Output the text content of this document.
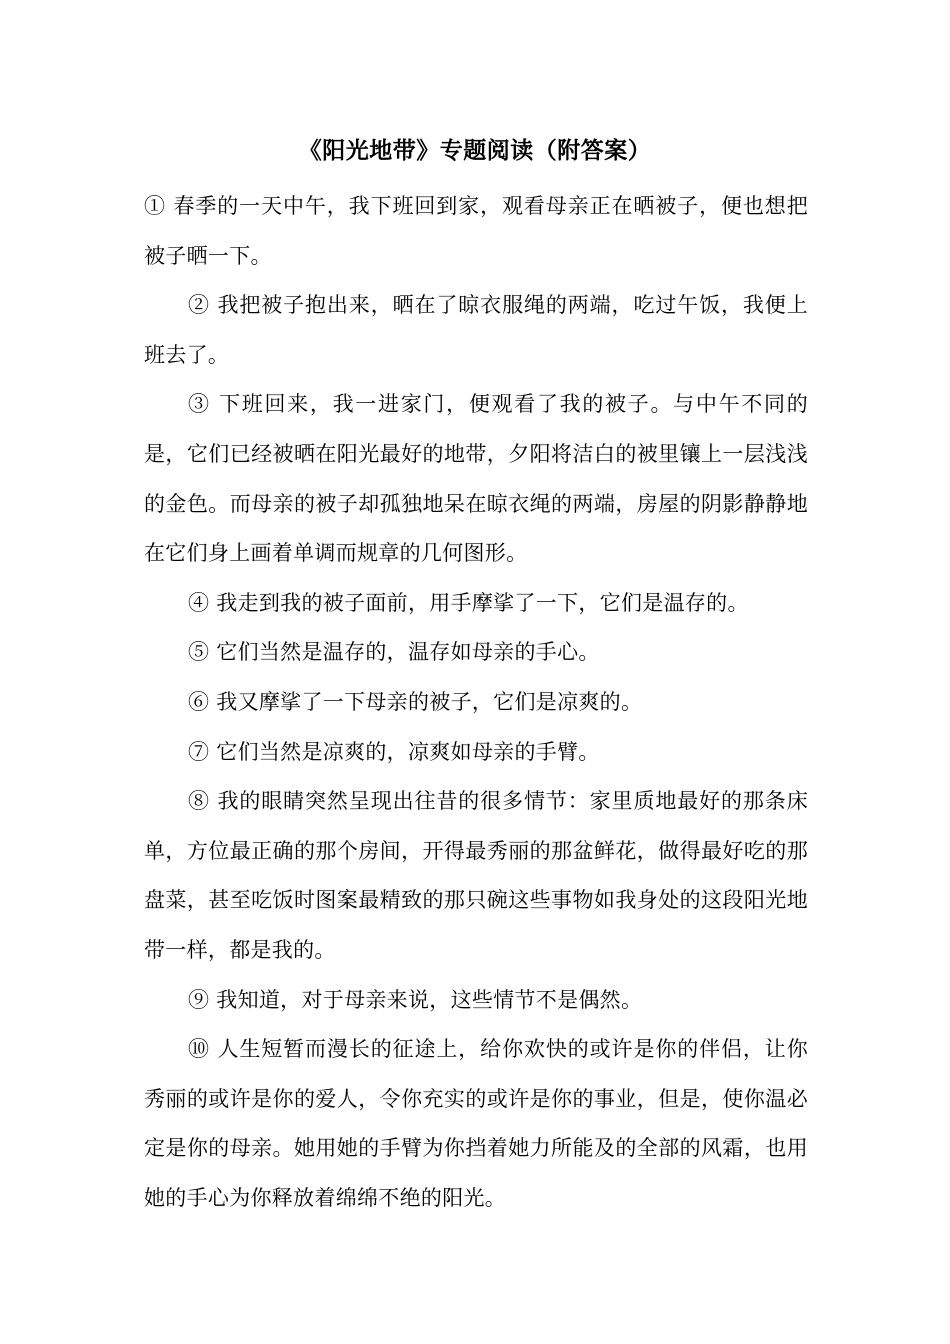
《阳光地带》专题阅读（附答案）

① 春季的一天中午，我下班回到家，观看母亲正在晒被子，便也想把被子晒一下。

② 我把被子抱出来，晒在了晾衣服绳的两端，吃过午饭，我便上班去了。

③ 下班回来，我一进家门，便观看了我的被子。与中午不同的是，它们已经被晒在阳光最好的地带，夕阳将洁白的被里镶上一层浅浅的金色。而母亲的被子却孤独地呆在晾衣绳的两端，房屋的阴影静静地在它们身上画着单调而规章的几何图形。

④ 我走到我的被子面前，用手摩挲了一下，它们是温存的。

⑤ 它们当然是温存的，温存如母亲的手心。

⑥ 我又摩挲了一下母亲的被子，它们是凉爽的。

⑦ 它们当然是凉爽的，凉爽如母亲的手臂。

⑧ 我的眼睛突然呈现出往昔的很多情节：家里质地最好的那条床单，方位最正确的那个房间，开得最秀丽的那盆鲜花，做得最好吃的那盘菜，甚至吃饭时图案最精致的那只碗这些事物如我身处的这段阳光地带一样，都是我的。

⑨ 我知道，对于母亲来说，这些情节不是偶然。

⑩ 人生短暂而漫长的征途上，给你欢快的或许是你的伴侣，让你秀丽的或许是你的爱人，令你充实的或许是你的事业，但是，使你温必定是你的母亲。她用她的手臂为你挡着她力所能及的全部的风霜，也用她的手心为你释放着绵绵不绝的阳光。
